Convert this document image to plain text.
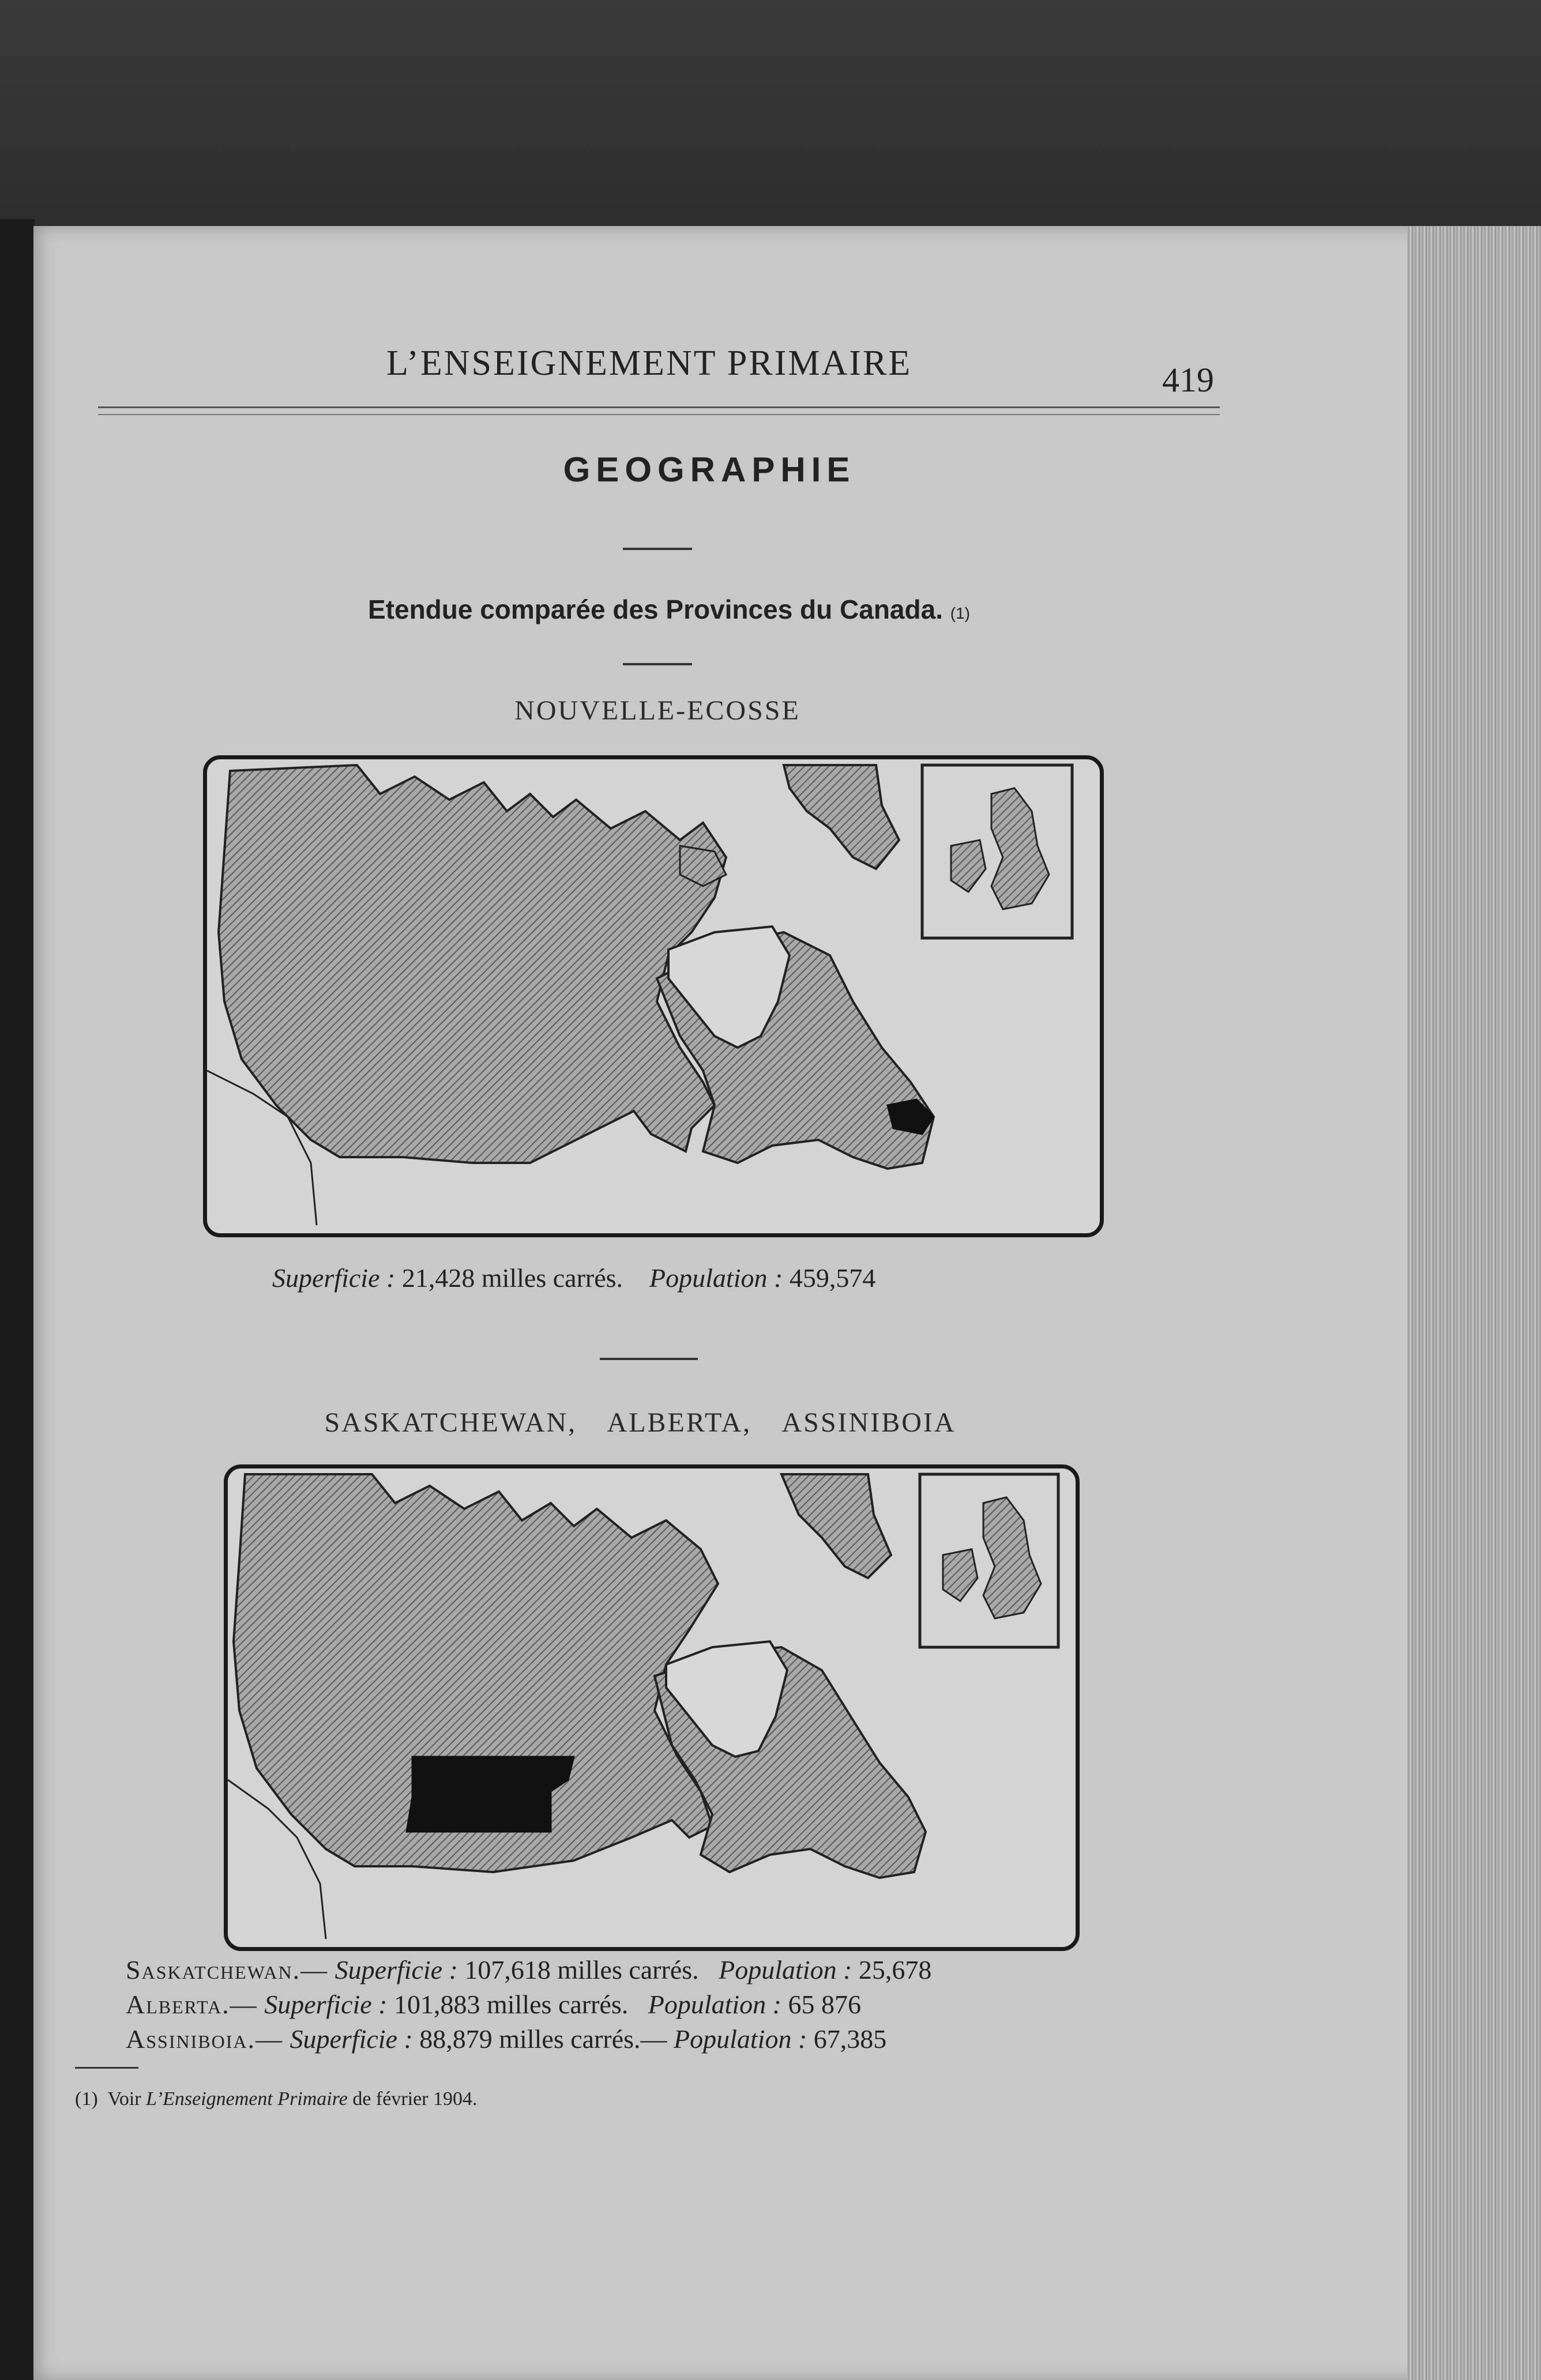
L’ENSEIGNEMENT PRIMAIRE	419
GEOGRAPHIE
Etendue comparée des Provinces du Canada. (1)
NOUVELLE-ECOSSE
Superficie : 21,428 milles carrés. Population : 459,574
SASKATCHEWAN, ALBERTA, ASSINIBOIA
Saskatchewan.— Superficie : 107,618 milles carrés. Population : 25,678
Alberta.— Superficie : 101,883 milles carrés. Population : 65 876
Assiniboia.— Superficie : 88,879 milles carrés.— Population : 67,385
(1) Voir L’Enseignement Primaire de février 1904.
